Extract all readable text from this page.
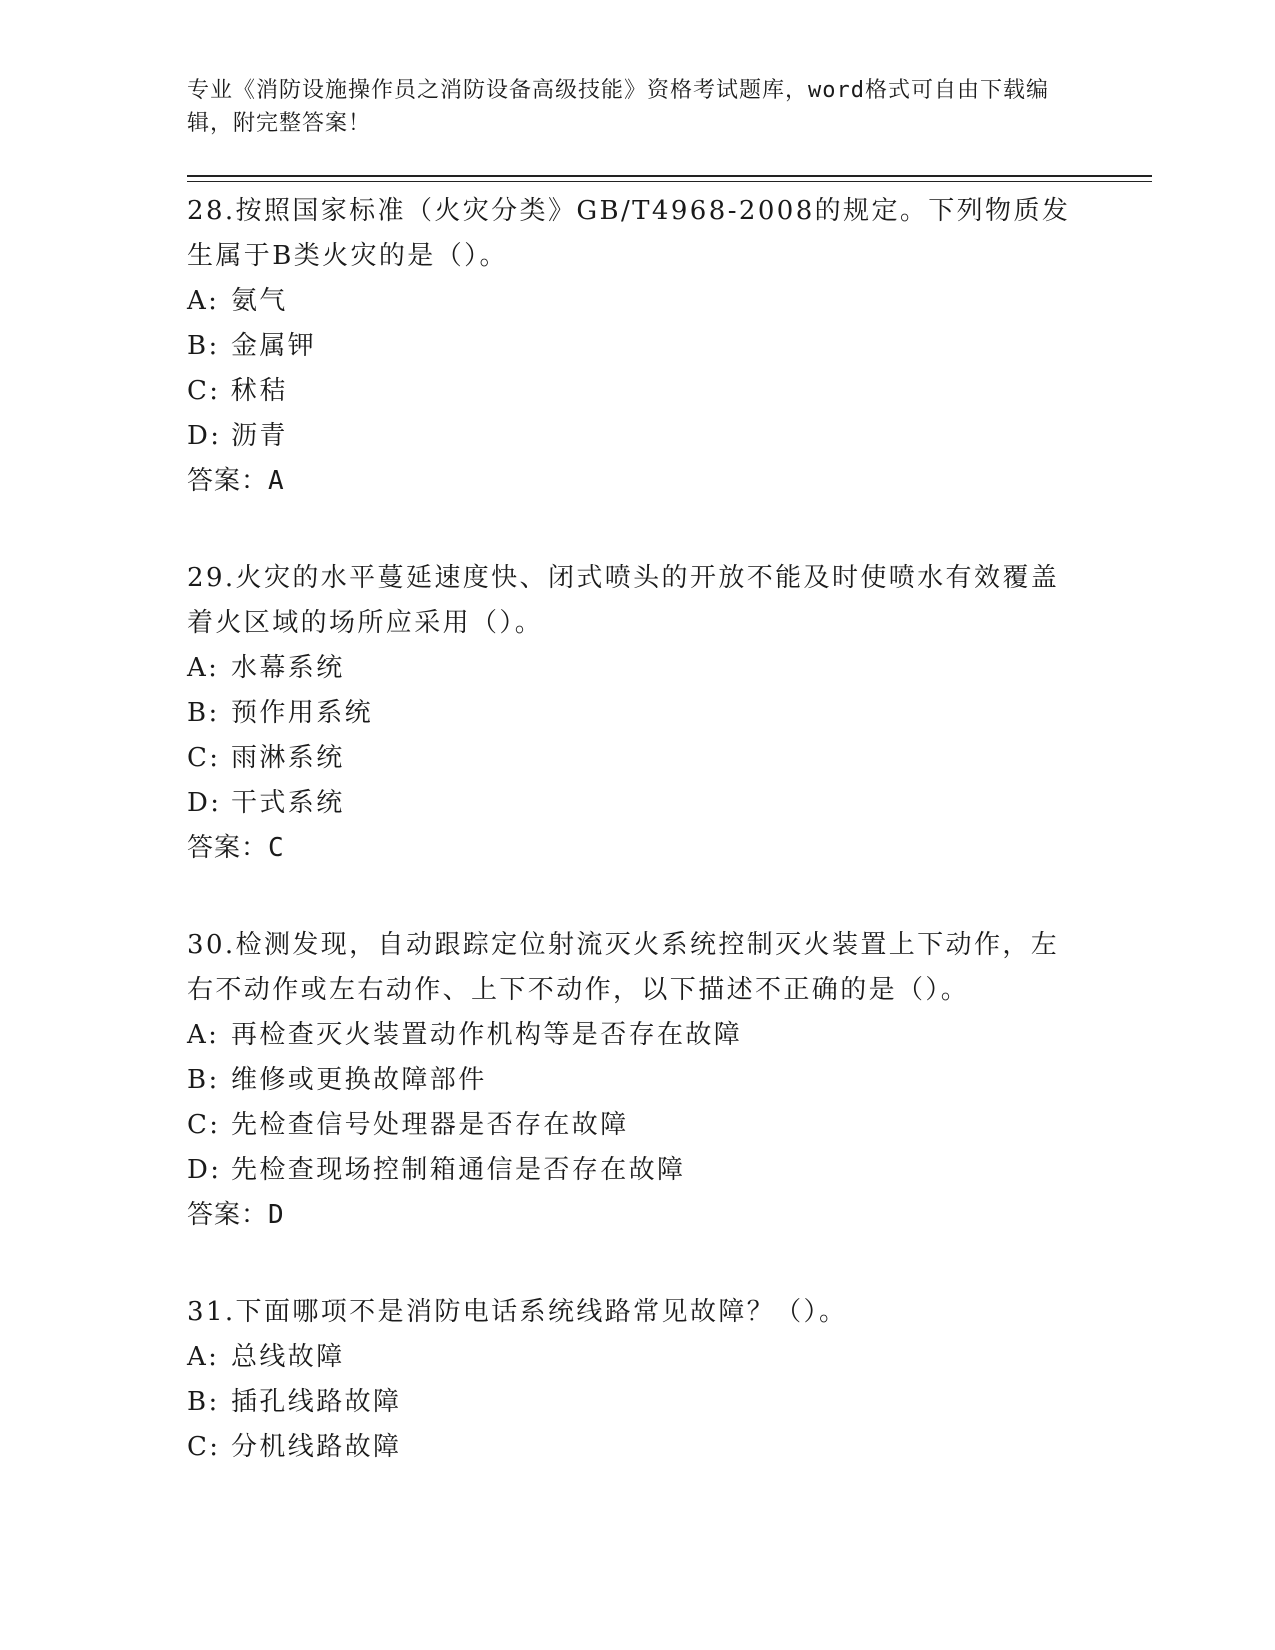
专业《消防设施操作员之消防设备高级技能》资格考试题库，word格式可自由下载编辑，附完整答案！

28.按照国家标准（火灾分类》GB/T4968-2008的规定。下列物质发生属于B类火灾的是（）。

A: 氨气

B: 金属钾

C: 秫秸

D: 沥青

答案：A

29.火灾的水平蔓延速度快、闭式喷头的开放不能及时使喷水有效覆盖着火区域的场所应采用（）。

A: 水幕系统

B: 预作用系统

C: 雨淋系统

D: 干式系统

答案：C

30.检测发现，自动跟踪定位射流灭火系统控制灭火装置上下动作，左右不动作或左右动作、上下不动作，以下描述不正确的是（）。

A: 再检查灭火装置动作机构等是否存在故障

B: 维修或更换故障部件

C: 先检查信号处理器是否存在故障

D: 先检查现场控制箱通信是否存在故障

答案：D

31.下面哪项不是消防电话系统线路常见故障？（）。

A: 总线故障

B: 插孔线路故障

C: 分机线路故障
